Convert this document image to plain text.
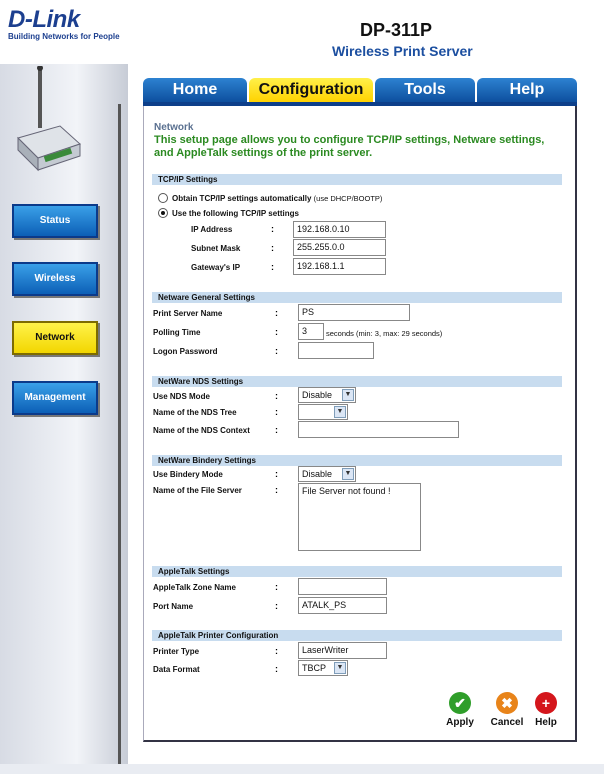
D-Link
Building Networks for People	DP-311P
Wireless Print Server
Status
Wireless
Network
Management
Home	Configuration	Tools	Help
Network
This setup page allows you to configure TCP/IP settings, Netware settings, and AppleTalk settings of the print server.
TCP/IP Settings
Obtain TCP/IP settings automatically (use DHCP/BOOTP)
Use the following TCP/IP settings
IP Address	:	192.168.0.10
Subnet Mask	:	255.255.0.0
Gateway's IP	:	192.168.1.1
Netware General Settings
Print Server Name	:	PS
Polling Time	:	3	seconds (min: 3, max: 29 seconds)
Logon Password	:
NetWare NDS Settings
Use NDS Mode	:	Disable	▼
Name of the NDS Tree	:	▼
Name of the NDS Context	:
NetWare Bindery Settings
Use Bindery Mode	:	Disable	▼
Name of the File Server	:	File Server not found !
AppleTalk Settings
AppleTalk Zone Name	:
Port Name	:	ATALK_PS
AppleTalk Printer Configuration
Printer Type	:	LaserWriter
Data Format	:	TBCP	▼
✔
Apply
✖
Cancel
+
Help
